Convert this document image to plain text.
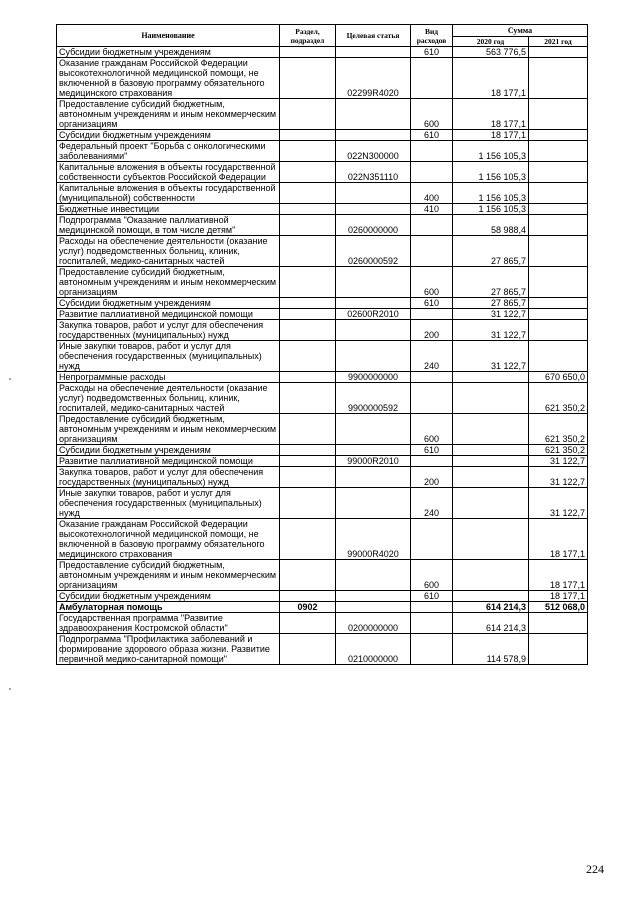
Наименование	Раздел, подраздел	Целевая статья	Вид расходов	Сумма	
				2020 год	2021 год
Субсидии бюджетным учреждениям			610	563 776,5	
Оказание гражданам Российской Федерации высокотехнологичной медицинской помощи, не включенной в базовую программу обязательного медицинского страхования		02299R4020		18 177,1	
Предоставление субсидий бюджетным, автономным учреждениям и иным некоммерческим организациям			600	18 177,1	
Субсидии бюджетным учреждениям			610	18 177,1	
Федеральный проект "Борьба с онкологическими заболеваниями"		022N300000		1 156 105,3	
Капитальные вложения в объекты государственной собственности субъектов Российской Федерации		022N351110		1 156 105,3	
Капитальные вложения в объекты государственной (муниципальной) собственности			400	1 156 105,3	
Бюджетные инвестиции			410	1 156 105,3	
Подпрограмма "Оказание паллиативной медицинской помощи, в том числе детям"		0260000000		58 988,4	
Расходы на обеспечение деятельности (оказание услуг) подведомственных больниц, клиник, госпиталей, медико-санитарных частей		0260000592		27 865,7	
Предоставление субсидий бюджетным, автономным учреждениям и иным некоммерческим организациям			600	27 865,7	
Субсидии бюджетным учреждениям			610	27 865,7	
Развитие паллиативной медицинской помощи		02600R2010		31 122,7	
Закупка товаров, работ и услуг для обеспечения государственных (муниципальных) нужд			200	31 122,7	
Иные закупки товаров, работ и услуг для обеспечения государственных (муниципальных) нужд			240	31 122,7	
Непрограммные расходы		9900000000			670 650,0
Расходы на обеспечение деятельности (оказание услуг) подведомственных больниц, клиник, госпиталей, медико-санитарных частей		9900000592			621 350,2
Предоставление субсидий бюджетным, автономным учреждениям и иным некоммерческим организациям			600		621 350,2
Субсидии бюджетным учреждениям			610		621 350,2
Развитие паллиативной медицинской помощи		99000R2010			31 122,7
Закупка товаров, работ и услуг для обеспечения государственных (муниципальных) нужд			200		31 122,7
Иные закупки товаров, работ и услуг для обеспечения государственных (муниципальных) нужд			240		31 122,7
Оказание гражданам Российской Федерации высокотехнологичной медицинской помощи, не включенной в базовую программу обязательного медицинского страхования		99000R4020			18 177,1
Предоставление субсидий бюджетным, автономным учреждениям и иным некоммерческим организациям			600		18 177,1
Субсидии бюджетным учреждениям			610		18 177,1
Амбулаторная помощь	0902			614 214,3	512 068,0
Государственная программа "Развитие здравоохранения Костромской области"		0200000000		614 214,3	
Подпрограмма "Профилактика заболеваний и формирование здорового образа жизни. Развитие первичной медико-санитарной помощи"		0210000000		114 578,9	
224
